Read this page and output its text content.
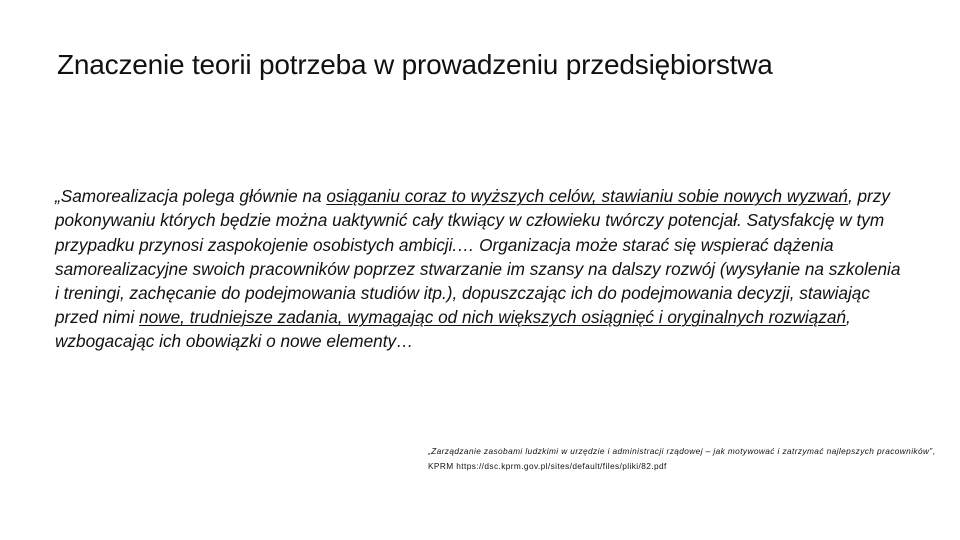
Znaczenie teorii potrzeba w prowadzeniu przedsiębiorstwa

„Samorealizacja polega głównie na osiąganiu coraz to wyższych celów, stawianiu sobie nowych wyzwań, przy pokonywaniu których będzie można uaktywnić cały tkwiący w człowieku twórczy potencjał. Satysfakcję w tym przypadku przynosi zaspokojenie osobistych ambicji.… Organizacja może starać się wspierać dążenia samorealizacyjne swoich pracowników poprzez stwarzanie im szansy na dalszy rozwój (wysyłanie na szkolenia i treningi, zachęcanie do podejmowania studiów itp.), dopuszczając ich do podejmowania decyzji, stawiając przed nimi nowe, trudniejsze zadania, wymagając od nich większych osiągnięć i oryginalnych rozwiązań, wzbogacając ich obowiązki o nowe elementy…

„Zarządzanie zasobami ludzkimi w urzędzie i administracji rządowej – jak motywować i zatrzymać najlepszych pracowników”, KPRM https://dsc.kprm.gov.pl/sites/default/files/pliki/82.pdf
